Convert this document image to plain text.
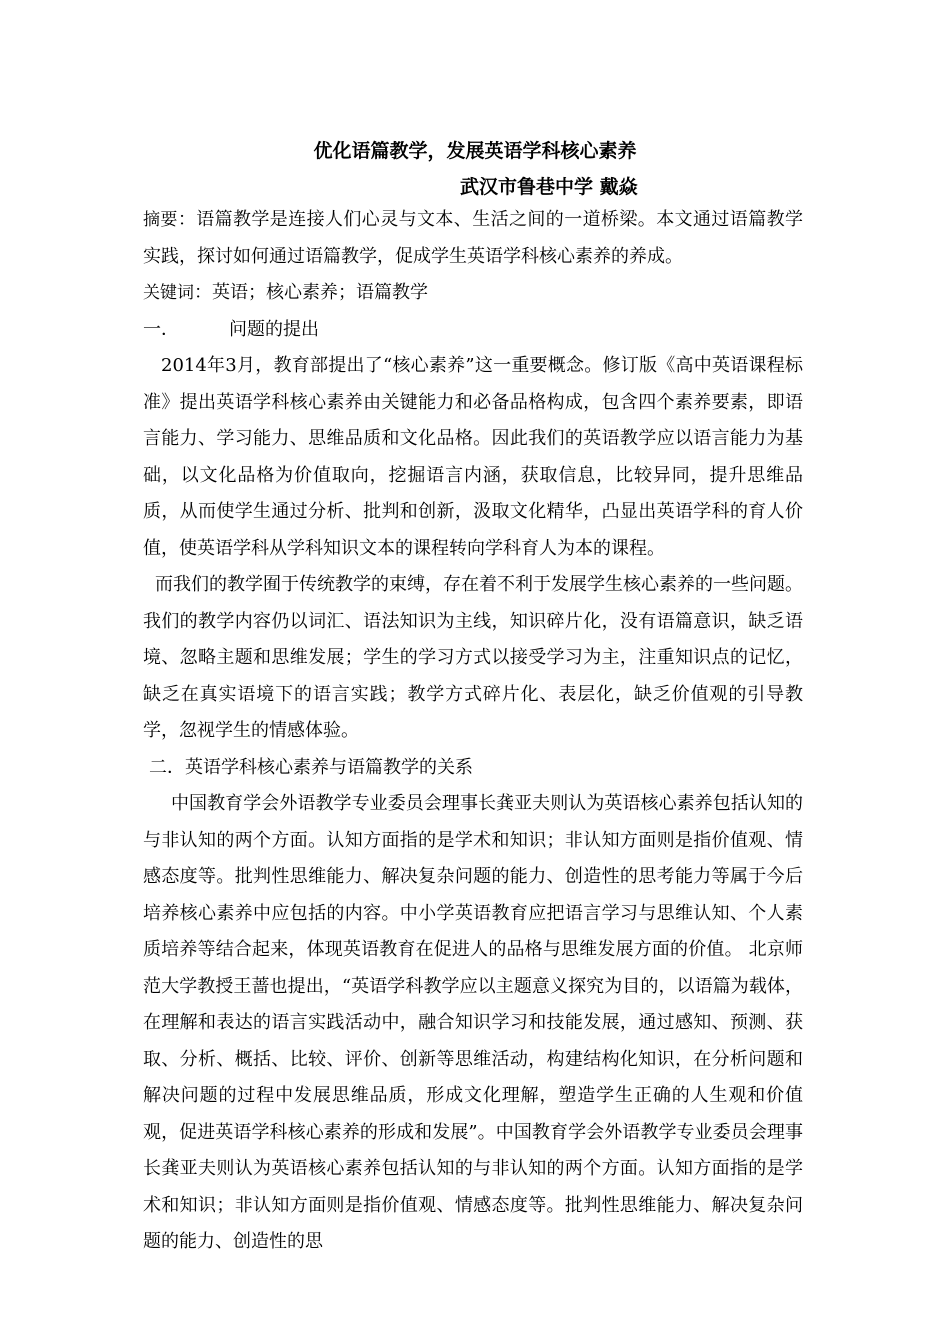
优化语篇教学，发展英语学科核心素养
武汉市鲁巷中学 戴焱

摘要：语篇教学是连接人们心灵与文本、生活之间的一道桥梁。本文通过语篇教学实践，探讨如何通过语篇教学，促成学生英语学科核心素养的养成。

关键词：英语；核心素养；语篇教学

一．	问题的提出

2014年3月，教育部提出了“核心素养”这一重要概念。修订版《高中英语课程标准》提出英语学科核心素养由关键能力和必备品格构成，包含四个素养要素，即语言能力、学习能力、思维品质和文化品格。因此我们的英语教学应以语言能力为基础，以文化品格为价值取向，挖掘语言内涵，获取信息，比较异同，提升思维品质，从而使学生通过分析、批判和创新，汲取文化精华，凸显出英语学科的育人价值，使英语学科从学科知识文本的课程转向学科育人为本的课程。

而我们的教学囿于传统教学的束缚，存在着不利于发展学生核心素养的一些问题。我们的教学内容仍以词汇、语法知识为主线，知识碎片化，没有语篇意识，缺乏语境、忽略主题和思维发展；学生的学习方式以接受学习为主，注重知识点的记忆，缺乏在真实语境下的语言实践；教学方式碎片化、表层化，缺乏价值观的引导教学，忽视学生的情感体验。

二．英语学科核心素养与语篇教学的关系

中国教育学会外语教学专业委员会理事长龚亚夫则认为英语核心素养包括认知的与非认知的两个方面。认知方面指的是学术和知识；非认知方面则是指价值观、情感态度等。批判性思维能力、解决复杂问题的能力、创造性的思考能力等属于今后培养核心素养中应包括的内容。中小学英语教育应把语言学习与思维认知、个人素质培养等结合起来，体现英语教育在促进人的品格与思维发展方面的价值。 北京师范大学教授王蔷也提出，“英语学科教学应以主题意义探究为目的，以语篇为载体，在理解和表达的语言实践活动中，融合知识学习和技能发展，通过感知、预测、获取、分析、概括、比较、评价、创新等思维活动，构建结构化知识，在分析问题和解决问题的过程中发展思维品质，形成文化理解，塑造学生正确的人生观和价值观，促进英语学科核心素养的形成和发展”。中国教育学会外语教学专业委员会理事长龚亚夫则认为英语核心素养包括认知的与非认知的两个方面。认知方面指的是学术和知识；非认知方面则是指价值观、情感态度等。批判性思维能力、解决复杂问题的能力、创造性的思
